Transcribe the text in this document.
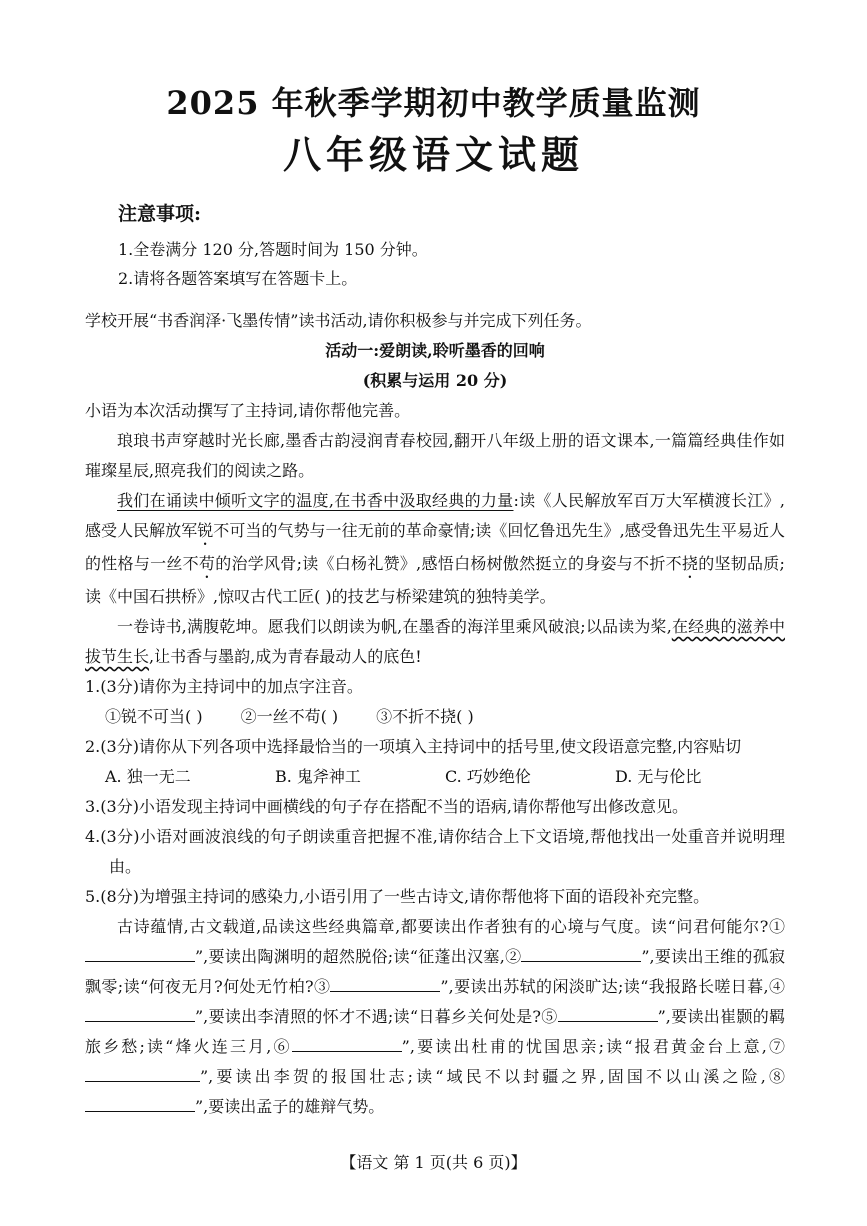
2025 年秋季学期初中教学质量监测
八年级语文试题
注意事项:
1.全卷满分 120 分,答题时间为 150 分钟。
2.请将各题答案填写在答题卡上。
学校开展“书香润泽·飞墨传情”读书活动,请你积极参与并完成下列任务。
活动一:爱朗读,聆听墨香的回响
(积累与运用 20 分)
小语为本次活动撰写了主持词,请你帮他完善。
琅琅书声穿越时光长廊,墨香古韵浸润青春校园,翻开八年级上册的语文课本,一篇篇经典佳作如璀璨星辰,照亮我们的阅读之路。
我们在诵读中倾听文字的温度,在书香中汲取经典的力量:读《人民解放军百万大军横渡长江》,感受人民解放军锐不可当的气势与一往无前的革命豪情;读《回忆鲁迅先生》,感受鲁迅先生平易近人的性格与一丝不苟的治学风骨;读《白杨礼赞》,感悟白杨树傲然挺立的身姿与不折不挠的坚韧品质;读《中国石拱桥》,惊叹古代工匠( )的技艺与桥梁建筑的独特美学。
一卷诗书,满腹乾坤。愿我们以朗读为帆,在墨香的海洋里乘风破浪;以品读为桨,在经典的滋养中拔节生长,让书香与墨韵,成为青春最动人的底色!
1.(3分)请你为主持词中的加点字注音。
①锐不可当( ) ②一丝不苟( ) ③不折不挠( )
2.(3分)请你从下列各项中选择最恰当的一项填入主持词中的括号里,使文段语意完整,内容贴切
A. 独一无二	B. 鬼斧神工	C. 巧妙绝伦	D. 无与伦比
3.(3分)小语发现主持词中画横线的句子存在搭配不当的语病,请你帮他写出修改意见。
4.(3分)小语对画波浪线的句子朗读重音把握不准,请你结合上下文语境,帮他找出一处重音并说明理由。
5.(8分)为增强主持词的感染力,小语引用了一些古诗文,请你帮他将下面的语段补充完整。
古诗蕴情,古文载道,品读这些经典篇章,都要读出作者独有的心境与气度。读“问君何能尔?①”,要读出陶渊明的超然脱俗;读“征蓬出汉塞,②	”,要读出王维的孤寂飘零;读“何夜无月?何处无竹柏?③	”,要读出苏轼的闲淡旷达;读“我报路长嗟日暮,④”,要读出李清照的怀才不遇;读“日暮乡关何处是?⑤	”,要读出崔颢的羁旅乡愁;读“烽火连三月,⑥	”,要读出杜甫的忧国思亲;读“报君黄金台上意,⑦”,要读出李贺的报国壮志;读“域民不以封疆之界,固国不以山溪之险,⑧”,要读出孟子的雄辩气势。
【语文 第 1 页(共 6 页)】
